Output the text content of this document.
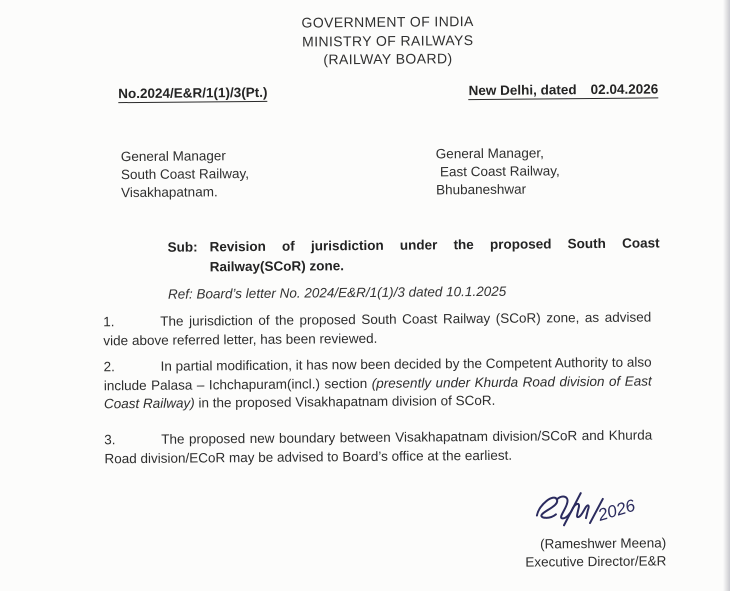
GOVERNMENT OF INDIA
MINISTRY OF RAILWAYS
(RAILWAY BOARD)
No.2024/E&R/1(1)/3(Pt.)	New Delhi, dated 02.04.2026
General Manager
South Coast Railway,
Visakhapatnam.
General Manager,
East Coast Railway,
Bhubaneshwar
Sub: Revision of jurisdiction under the proposed South Coast Railway(SCoR) zone.
Ref: Board’s letter No. 2024/E&R/1(1)/3 dated 10.1.2025
1.	The jurisdiction of the proposed South Coast Railway (SCoR) zone, as advised vide above referred letter, has been reviewed.
2.	In partial modification, it has now been decided by the Competent Authority to also include Palasa – Ichchapuram(incl.) section (presently under Khurda Road division of East Coast Railway) in the proposed Visakhapatnam division of SCoR.
3.	The proposed new boundary between Visakhapatnam division/SCoR and Khurda Road division/ECoR may be advised to Board’s office at the earliest.
2026
(Rameshwer Meena)
Executive Director/E&R
